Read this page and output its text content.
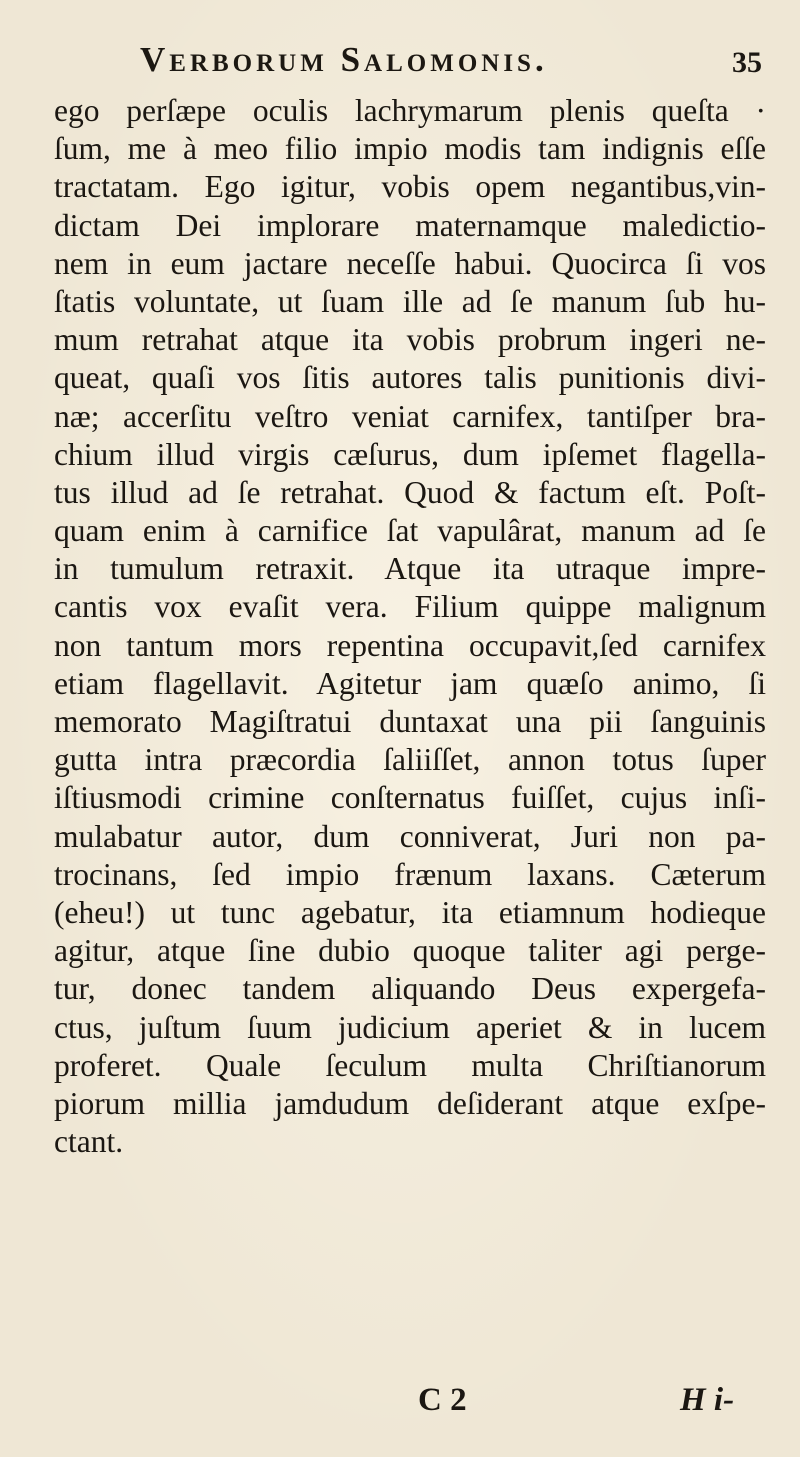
Verborum Salomonis.	35
ego perſæpe oculis lachrymarum plenis queſta ·
ſum, me à meo filio impio modis tam indignis eſſe
tractatam. Ego igitur, vobis opem negantibus,vin-
dictam Dei implorare maternamque maledictio-
nem in eum jactare neceſſe habui. Quocirca ſi vos
ſtatis voluntate, ut ſuam ille ad ſe manum ſub hu-
mum retrahat atque ita vobis probrum ingeri ne-
queat, quaſi vos ſitis autores talis punitionis divi-
næ; accerſitu veſtro veniat carnifex, tantiſper bra-
chium illud virgis cæſurus, dum ipſemet flagella-
tus illud ad ſe retrahat. Quod & factum eſt. Poſt-
quam enim à carnifice ſat vapulârat, manum ad ſe
in tumulum retraxit. Atque ita utraque impre-
cantis vox evaſit vera. Filium quippe malignum
non tantum mors repentina occupavit,ſed carnifex
etiam flagellavit. Agitetur jam quæſo animo, ſi
memorato Magiſtratui duntaxat una pii ſanguinis
gutta intra præcordia ſaliiſſet, annon totus ſuper
iſtiusmodi crimine conſternatus fuiſſet, cujus inſi-
mulabatur autor, dum conniverat, Juri non pa-
trocinans, ſed impio frænum laxans. Cæterum
(eheu!) ut tunc agebatur, ita etiamnum hodieque
agitur, atque ſine dubio quoque taliter agi perge-
tur, donec tandem aliquando Deus expergefa-
ctus, juſtum ſuum judicium aperiet & in lucem
proferet. Quale ſeculum multa Chriſtianorum
piorum millia jamdudum deſiderant atque exſpe-
ctant.
C 2	H i-
